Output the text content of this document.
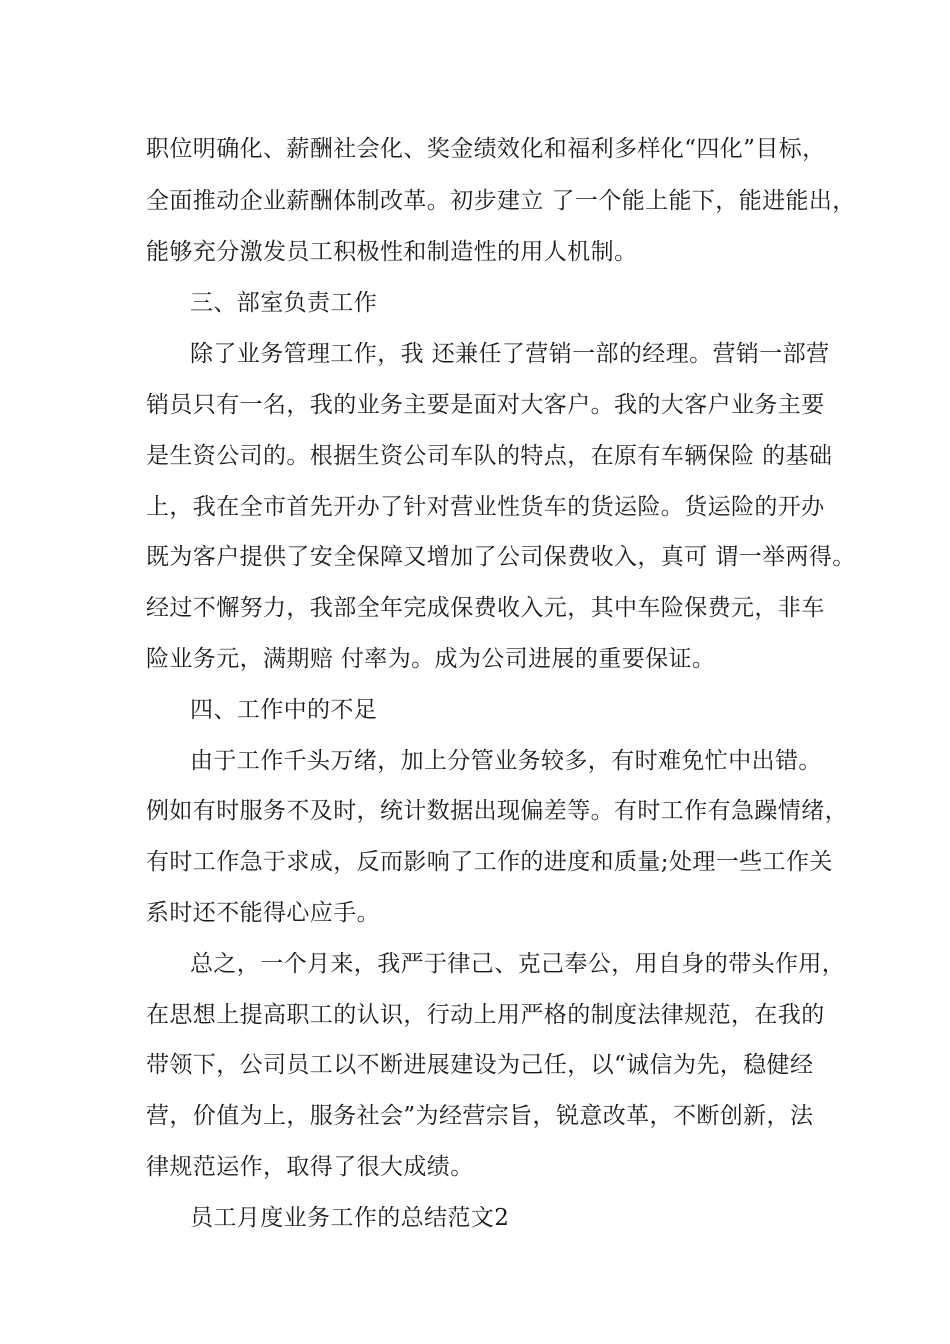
职位明确化、薪酬社会化、奖金绩效化和福利多样化“四化”目标，
全面推动企业薪酬体制改革。初步建立 了一个能上能下，能进能出，
能够充分激发员工积极性和制造性的用人机制。
三、部室负责工作
除了业务管理工作，我 还兼任了营销一部的经理。营销一部营
销员只有一名，我的业务主要是面对大客户。我的大客户业务主要
是生资公司的。根据生资公司车队的特点，在原有车辆保险 的基础
上，我在全市首先开办了针对营业性货车的货运险。货运险的开办
既为客户提供了安全保障又增加了公司保费收入，真可 谓一举两得。
经过不懈努力，我部全年完成保费收入元，其中车险保费元，非车
险业务元，满期赔 付率为。成为公司进展的重要保证。
四、工作中的不足
由于工作千头万绪，加上分管业务较多，有时难免忙中出错。
例如有时服务不及时，统计数据出现偏差等。有时工作有急躁情绪，
有时工作急于求成，反而影响了工作的进度和质量;处理一些工作关
系时还不能得心应手。
总之，一个月来，我严于律己、克己奉公，用自身的带头作用，
在思想上提高职工的认识，行动上用严格的制度法律规范，在我的
带领下，公司员工以不断进展建设为己任，以“诚信为先，稳健经
营，价值为上，服务社会”为经营宗旨，锐意改革，不断创新，法
律规范运作，取得了很大成绩。
员工月度业务工作的总结范文2
